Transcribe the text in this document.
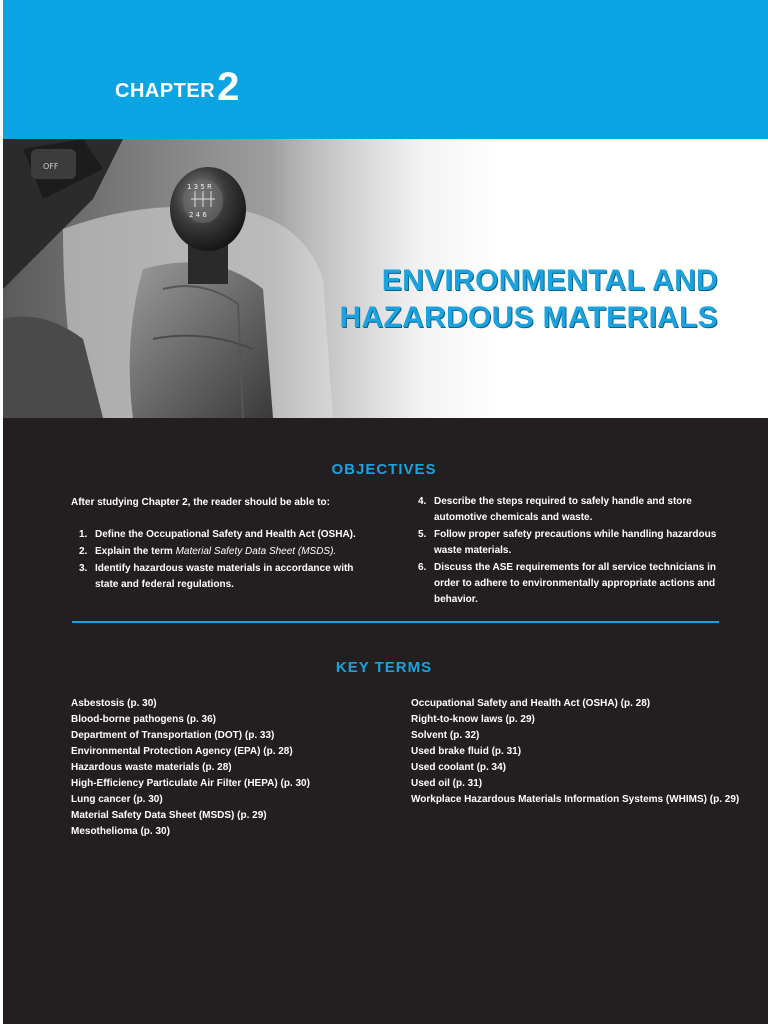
CHAPTER2
ENVIRONMENTAL AND
HAZARDOUS MATERIALS
OBJECTIVES
After studying Chapter 2, the reader should be able to:
1. Define the Occupational Safety and Health Act (OSHA).
2. Explain the term Material Safety Data Sheet (MSDS).
3. Identify hazardous waste materials in accordance with state and federal regulations.
4. Describe the steps required to safely handle and store automotive chemicals and waste.
5. Follow proper safety precautions while handling hazardous waste materials.
6. Discuss the ASE requirements for all service technicians in order to adhere to environmentally appropriate actions and behavior.
KEY TERMS
Asbestosis (p. 30)
Blood-borne pathogens (p. 36)
Department of Transportation (DOT) (p. 33)
Environmental Protection Agency (EPA) (p. 28)
Hazardous waste materials (p. 28)
High-Efficiency Particulate Air Filter (HEPA) (p. 30)
Lung cancer (p. 30)
Material Safety Data Sheet (MSDS) (p. 29)
Mesothelioma (p. 30)
Occupational Safety and Health Act (OSHA) (p. 28)
Right-to-know laws (p. 29)
Solvent (p. 32)
Used brake fluid (p. 31)
Used coolant (p. 34)
Used oil (p. 31)
Workplace Hazardous Materials Information Systems (WHIMS) (p. 29)
